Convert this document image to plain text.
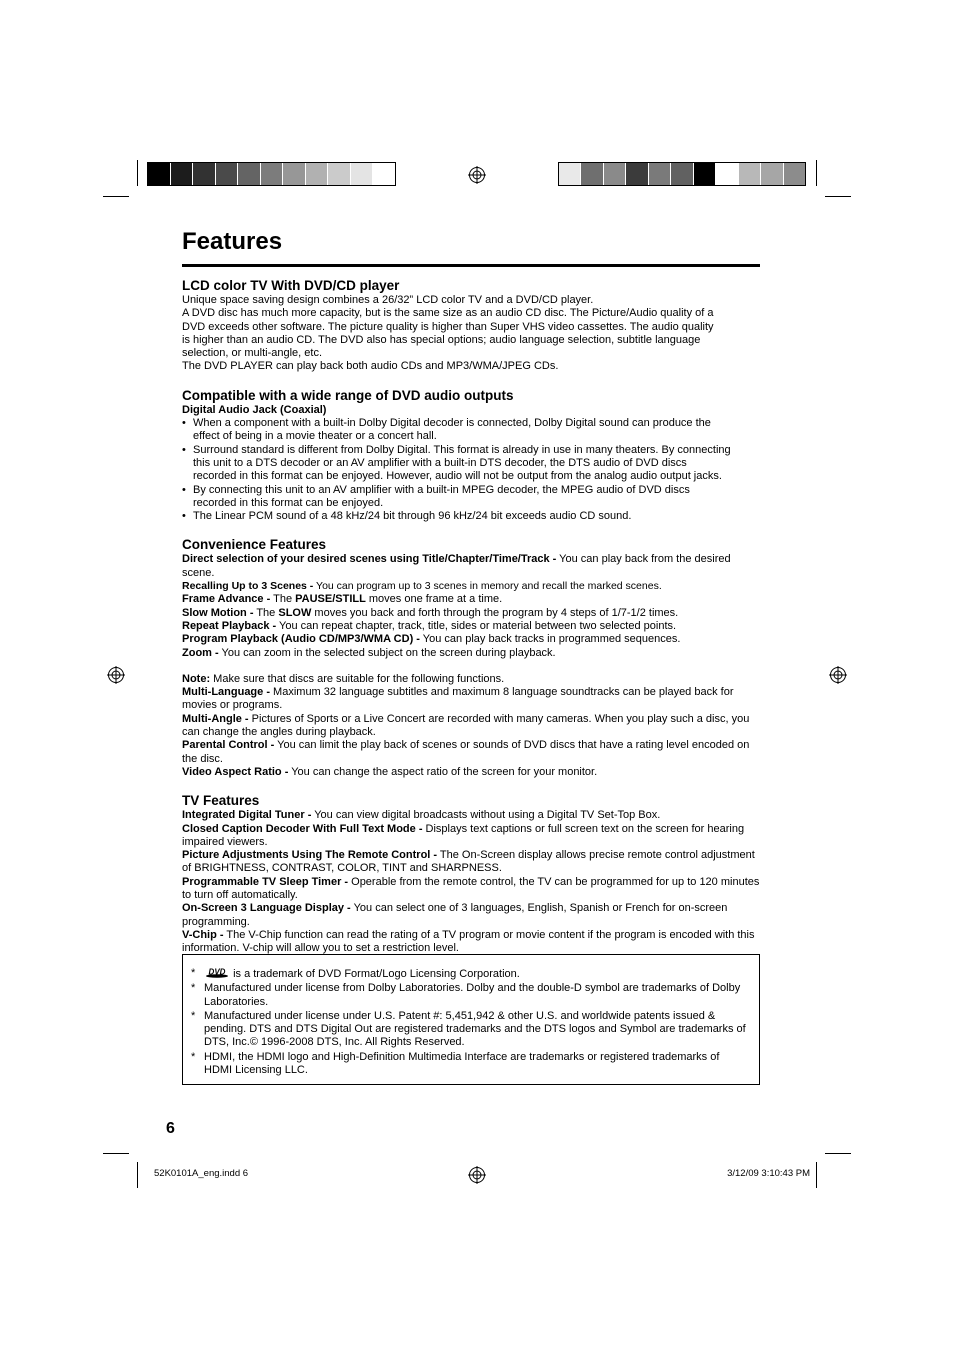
Features
LCD color TV With DVD/CD player

Unique space saving design combines a 26/32” LCD color TV and a DVD/CD player.

A DVD disc has much more capacity, but is the same size as an audio CD disc. The Picture/Audio quality of a

DVD exceeds other software. The picture quality is higher than Super VHS video cassettes. The audio quality

is higher than an audio CD. The DVD also has special options; audio language selection, subtitle language

selection, or multi-angle, etc.

The DVD PLAYER can play back both audio CDs and MP3/WMA/JPEG CDs.

Compatible with a wide range of DVD audio outputs

Digital Audio Jack (Coaxial)

• When a component with a built-in Dolby Digital decoder is connected, Dolby Digital sound can produce the
effect of being in a movie theater or a concert hall.
• Surround standard is different from Dolby Digital. This format is already in use in many theaters. By connecting
this unit to a DTS decoder or an AV amplifier with a built-in DTS decoder, the DTS audio of DVD discs
recorded in this format can be enjoyed. However, audio will not be output from the analog audio output jacks.
• By connecting this unit to an AV amplifier with a built-in MPEG decoder, the MPEG audio of DVD discs
recorded in this format can be enjoyed.
• The Linear PCM sound of a 48 kHz/24 bit through 96 kHz/24 bit exceeds audio CD sound.
Convenience Features

Direct selection of your desired scenes using Title/Chapter/Time/Track - You can play back from the desired scene.

Recalling Up to 3 Scenes - You can program up to 3 scenes in memory and recall the marked scenes.

Frame Advance - The PAUSE/STILL moves one frame at a time.

Slow Motion - The SLOW moves you back and forth through the program by 4 steps of 1/7-1/2 times.

Repeat Playback - You can repeat chapter, track, title, sides or material between two selected points.

Program Playback (Audio CD/MP3/WMA CD) - You can play back tracks in programmed sequences.

Zoom - You can zoom in the selected subject on the screen during playback.

Note: Make sure that discs are suitable for the following functions.

Multi-Language - Maximum 32 language subtitles and maximum 8 language soundtracks can be played back for movies or programs.

Multi-Angle - Pictures of Sports or a Live Concert are recorded with many cameras. When you play such a disc, you can change the angles during playback.

Parental Control - You can limit the play back of scenes or sounds of DVD discs that have a rating level encoded on the disc.

Video Aspect Ratio - You can change the aspect ratio of the screen for your monitor.

TV Features

Integrated Digital Tuner - You can view digital broadcasts without using a Digital TV Set-Top Box.

Closed Caption Decoder With Full Text Mode - Displays text captions or full screen text on the screen for hearing impaired viewers.

Picture Adjustments Using The Remote Control - The On-Screen display allows precise remote control adjustment of BRIGHTNESS, CONTRAST, COLOR, TINT and SHARPNESS.

Programmable TV Sleep Timer - Operable from the remote control, the TV can be programmed for up to 120 minutes to turn off automatically.

On-Screen 3 Language Display - You can select one of 3 languages, English, Spanish or French for on-screen programming.

V-Chip - The V-Chip function can read the rating of a TV program or movie content if the program is encoded with this information. V-chip will allow you to set a restriction level.

* DVD is a trademark of DVD Format/Logo Licensing Corporation.
* Manufactured under license from Dolby Laboratories. Dolby and the double-D symbol are trademarks of Dolby Laboratories.
* Manufactured under license under U.S. Patent #: 5,451,942 & other U.S. and worldwide patents issued & pending. DTS and DTS Digital Out are registered trademarks and the DTS logos and Symbol are trademarks of DTS, Inc.© 1996-2008 DTS, Inc. All Rights Reserved.
* HDMI, the HDMI logo and High-Definition Multimedia Interface are trademarks or registered trademarks of HDMI Licensing LLC.
6
52K0101A_eng.indd 6	3/12/09 3:10:43 PM
